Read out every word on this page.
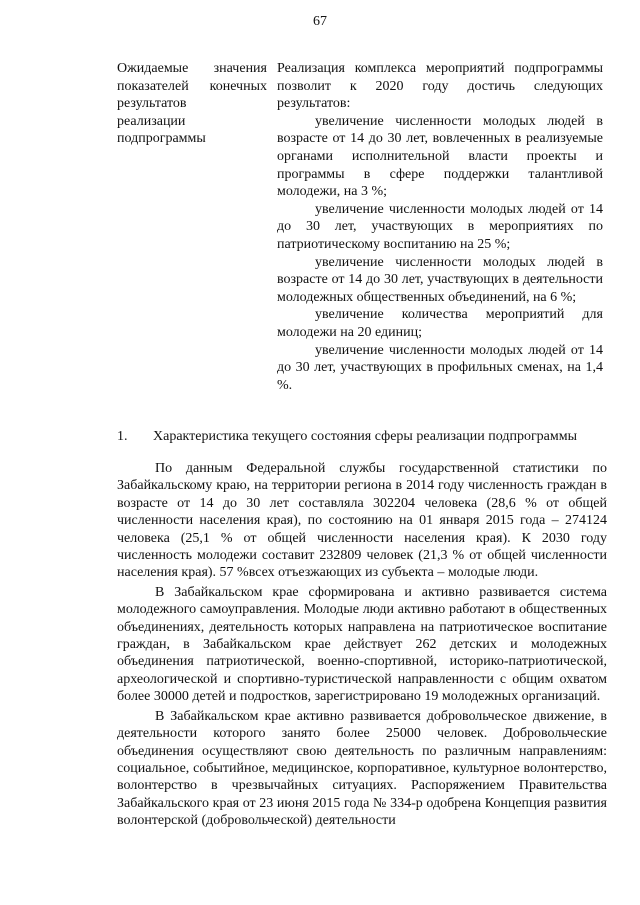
67
Ожидаемые значения
показателей конечных
результатов
реализации
подпрограммы

Реализация комплекса мероприятий подпрограммы позволит к 2020 году достичь следующих результатов:

увеличение численности молодых людей в возрасте от 14 до 30 лет, вовлеченных в реализуемые органами исполнительной власти проекты и программы в сфере поддержки талантливой молодежи, на 3 %;

увеличение численности молодых людей от 14 до 30 лет, участвующих в мероприятиях по патриотическому воспитанию на 25 %;

увеличение численности молодых людей в возрасте от 14 до 30 лет, участвующих в деятельности молодежных общественных объединений, на 6 %;

увеличение количества мероприятий для молодежи на 20 единиц;

увеличение численности молодых людей от 14 до 30 лет, участвующих в профильных сменах, на 1,4 %.

1. Характеристика текущего состояния сферы реализации подпрограммы

По данным Федеральной службы государственной статистики по Забайкальскому краю, на территории региона в 2014 году численность граждан в возрасте от 14 до 30 лет составляла 302204 человека (28,6 % от общей численности населения края), по состоянию на 01 января 2015 года – 274124 человека (25,1 % от общей численности населения края). К 2030 году численность молодежи составит 232809 человек (21,3 % от общей численности населения края). 57 %всех отъезжающих из субъекта – молодые люди.

В Забайкальском крае сформирована и активно развивается система молодежного самоуправления. Молодые люди активно работают в общественных объединениях, деятельность которых направлена на патриотическое воспитание граждан, в Забайкальском крае действует 262 детских и молодежных объединения патриотической, военно-спортивной, историко-патриотической, археологической и спортивно-туристической направленности с общим охватом более 30000 детей и подростков, зарегистрировано 19 молодежных организаций.

В Забайкальском крае активно развивается добровольческое движение, в деятельности которого занято более 25000 человек. Добровольческие объединения осуществляют свою деятельность по различным направлениям: социальное, событийное, медицинское, корпоративное, культурное волонтерство, волонтерство в чрезвычайных ситуациях. Распоряжением Правительства Забайкальского края от 23 июня 2015 года № 334-р одобрена Концепция развития волонтерской (добровольческой) деятельности
